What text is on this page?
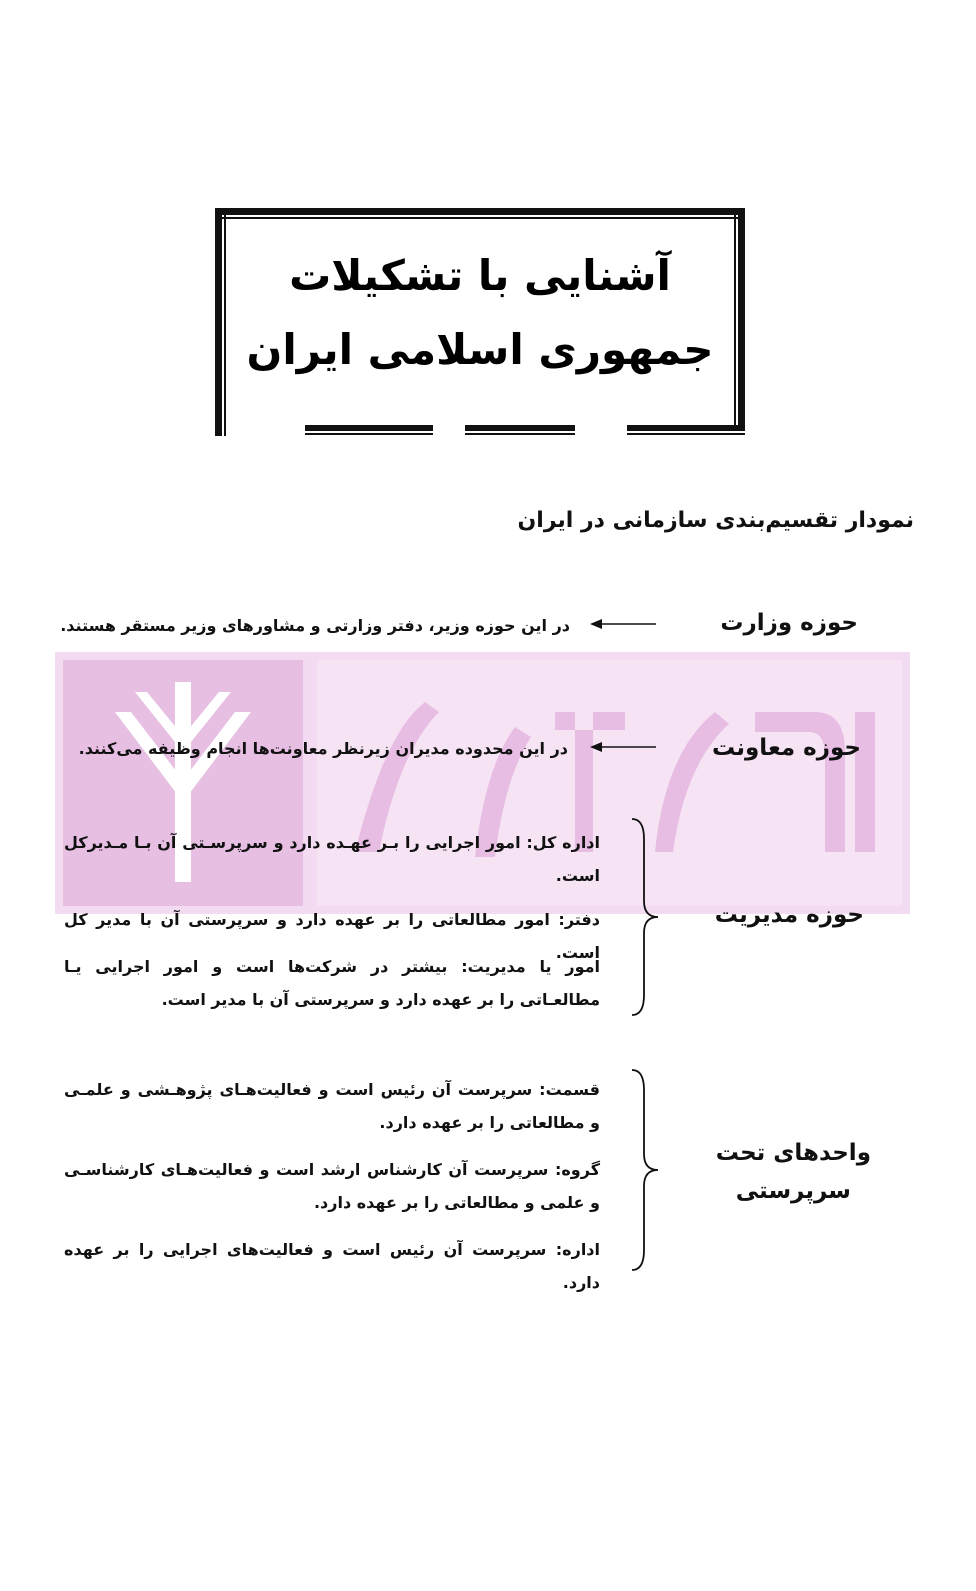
آشنایی با تشکیلات
جمهوری اسلامی ایران
نمودار تقسیم‌بندی سازمانی در ایران
حوزه وزارت
در این حوزه وزیر، دفتر وزارتی و مشاورهای وزیر مستقر هستند.
حوزه معاونت
در این محدوده مدیران زیرنظر معاونت‌ها انجام وظیفه می‌کنند.
حوزه مدیریت
اداره کل: امور اجرایی را بـر عهـده دارد و سرپرسـتی آن بـا مـدیرکل است.
دفتر: امور مطالعاتی را بر عهده دارد و سرپرستی آن با مدیر کل است.
امور یا مدیریت: بیشتر در شرکت‌ها است و امور اجرایی یـا مطالعـاتی را بر عهده دارد و سرپرستی آن با مدیر است.
واحدهای تحت
سرپرستی
قسمت: سرپرست آن رئیس است و فعالیت‌هـای پژوهـشی و علمـی و مطالعاتی را بر عهده دارد.
گروه: سرپرست آن کارشناس ارشد است و فعالیت‌هـای کارشناسـی و علمی و مطالعاتی را بر عهده دارد.
اداره: سرپرست آن رئیس است و فعالیت‌های اجرایی را بر عهده دارد.
